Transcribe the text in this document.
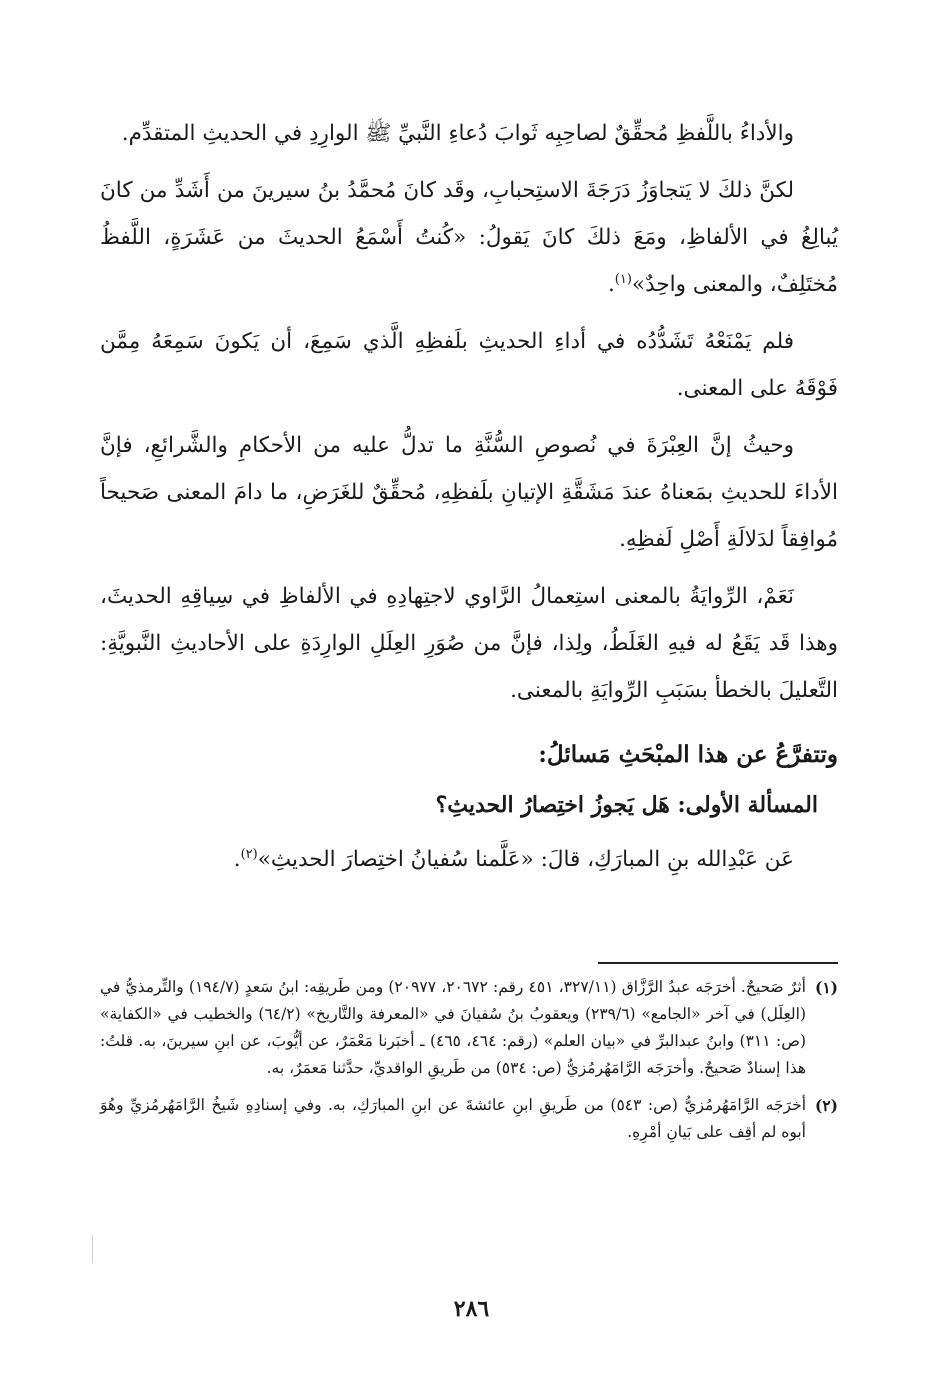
والأداءُ باللَّفظِ مُحقِّقٌ لصاحِبِه ثَوابَ دُعاءِ النَّبيِّ ﷺ الوارِدِ في الحديثِ المتقدِّم.

لكنَّ ذلكَ لا يَتجاوَزُ دَرَجَةَ الاستِحبابِ، وقَد كانَ مُحمَّدُ بنُ سيرينَ من أَشَدِّ من كانَ يُبالِغُ في الألفاظِ، ومَعَ ذلكَ كانَ يَقولُ: «كُنتُ أَسْمَعُ الحديثَ من عَشَرَةٍ، اللَّفظُ مُختَلِفٌ، والمعنى واحِدٌ»$^{(١)}$.

فلم يَمْنَعْهُ تَشَدُّدُه في أداءِ الحديثِ بلَفظِهِ الَّذي سَمِعَ، أن يَكونَ سَمِعَهُ مِمَّن فَوْقَهُ على المعنى.

وحيثُ إنَّ العِبْرَةَ في نُصوصِ السُّنَّةِ ما تدلُّ عليه من الأحكامِ والشَّرائعِ، فإنَّ الأداءَ للحديثِ بمَعناهُ عندَ مَشَقَّةِ الإتيانِ بلَفظِهِ، مُحقِّقٌ للغَرَضِ، ما دامَ المعنى صَحيحاً مُوافِقاً لدَلالَةِ أَصْلِ لَفظِهِ.

نَعَمْ، الرِّوايَةُ بالمعنى استِعمالُ الرَّاوي لاجتِهادِهِ في الألفاظِ في سِياقِهِ الحديثَ، وهذا قَد يَقَعُ له فيهِ الغَلَطُ، ولِذا، فإنَّ من صُوَرِ العِلَلِ الوارِدَةِ على الأحاديثِ النَّبويَّةِ: التَّعليلَ بالخطأ بسَبَبِ الرِّوايَةِ بالمعنى.

وتتفرَّعُ عن هذا المبْحَثِ مَسائلُ:
المسألة الأولى: هَل يَجوزُ اختِصارُ الحديثِ؟

عَن عَبْدِالله بنِ المبارَكِ، قالَ: «عَلَّمنا سُفيانُ اختِصارَ الحديثِ»$^{(٢)}$.

(١)
أثرٌ صَحيحٌ. أخرَجَه عبدُ الرَّزَّاق (٣٢٧/١١، ٤٥١ رقم: ٢٠٦٧٢، ٢٠٩٧٧) ومن طَريقِه: ابنُ سَعدٍ (١٩٤/٧) والتِّرمذيُّ في (العِلَل) في آخر «الجامع» (٢٣٩/٦) ويعقوبُ بنُ سُفيانَ في «المعرفة والتَّاريخ» (٦٤/٢) والخطيب في «الكفاية» (ص: ٣١١) وابنُ عبدالبرِّ في «بيان العلم» (رقم: ٤٦٤، ٤٦٥) ـ أخبَرنا مَعْمَرٌ، عن أيُّوبَ، عن ابنِ سيرينَ، به. قلتُ: هذا إسنادٌ صَحيحٌ. وأخرَجَه الرَّامَهُرمُزيُّ (ص: ٥٣٤) من طَريقِ الواقديِّ، حدَّثنا مَعمَرٌ، به.
(٢)
أخرَجَه الرَّامَهُرمُزيُّ (ص: ٥٤٣) من طَريقِ ابنِ عائشةَ عن ابنِ المبارَكِ، به. وفي إسنادِهِ شَيخُ الرَّامَهُرمُزيِّ وهُوَ أبوه لم أقِف على بَيانِ أمْرِهِ.
٢٨٦
